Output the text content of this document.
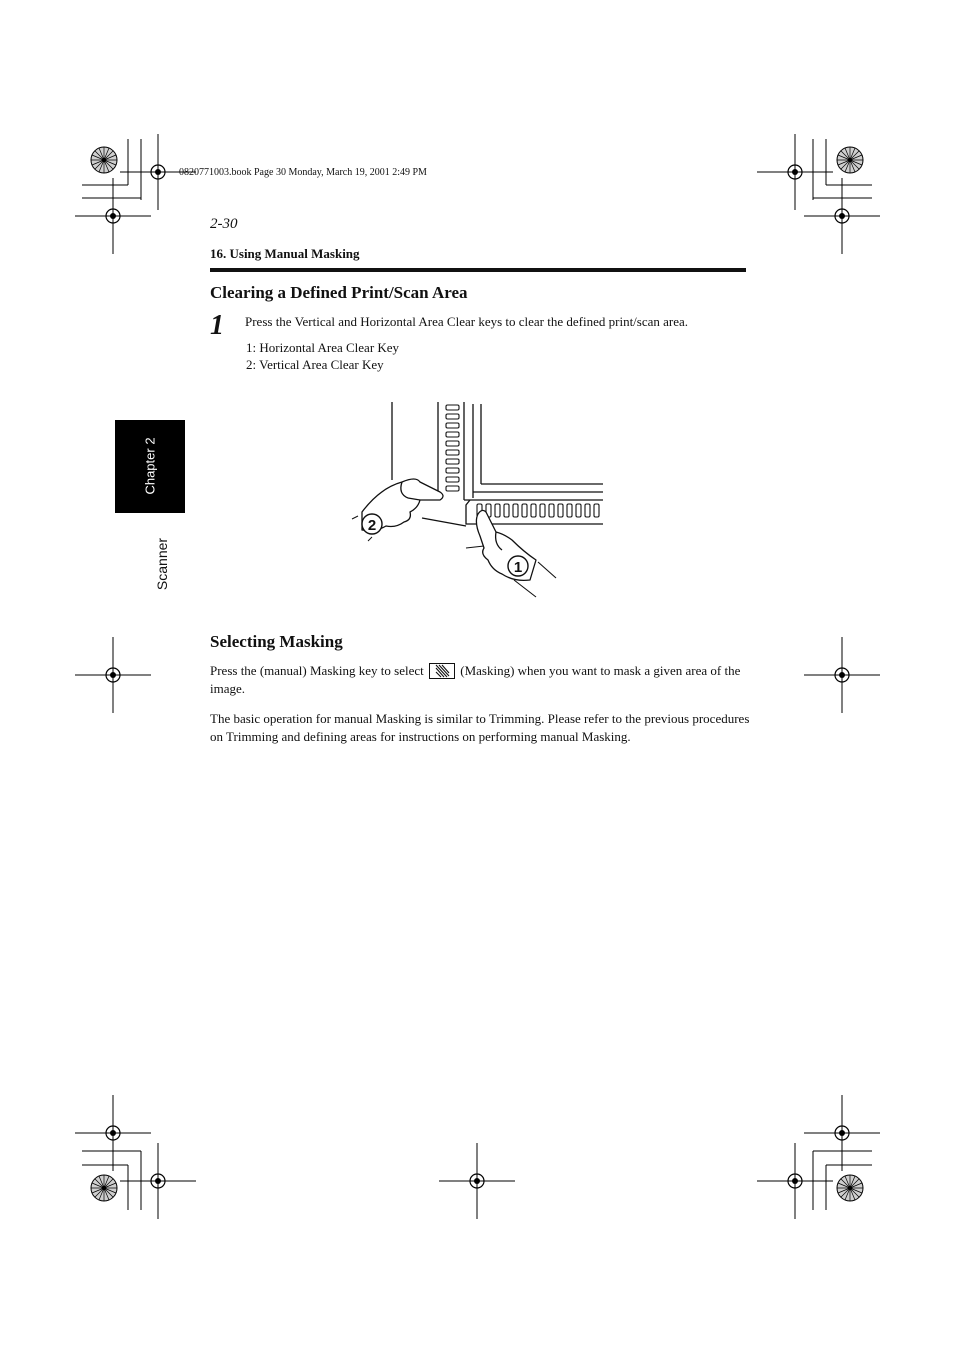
0820771003.book Page 30 Monday, March 19, 2001 2:49 PM
2-30
16. Using Manual Masking
Chapter 2
Scanner
Clearing a Defined Print/Scan Area
1 Press the Vertical and Horizontal Area Clear keys to clear the defined print/scan area.
1: Horizontal Area Clear Key
2: Vertical Area Clear Key
2
1
Selecting Masking
Press the (manual) Masking key to select  (Masking) when you want to mask a given area of the image.
The basic operation for manual Masking is similar to Trimming. Please refer to the previous procedures on Trimming and defining areas for instructions on performing manual Masking.
